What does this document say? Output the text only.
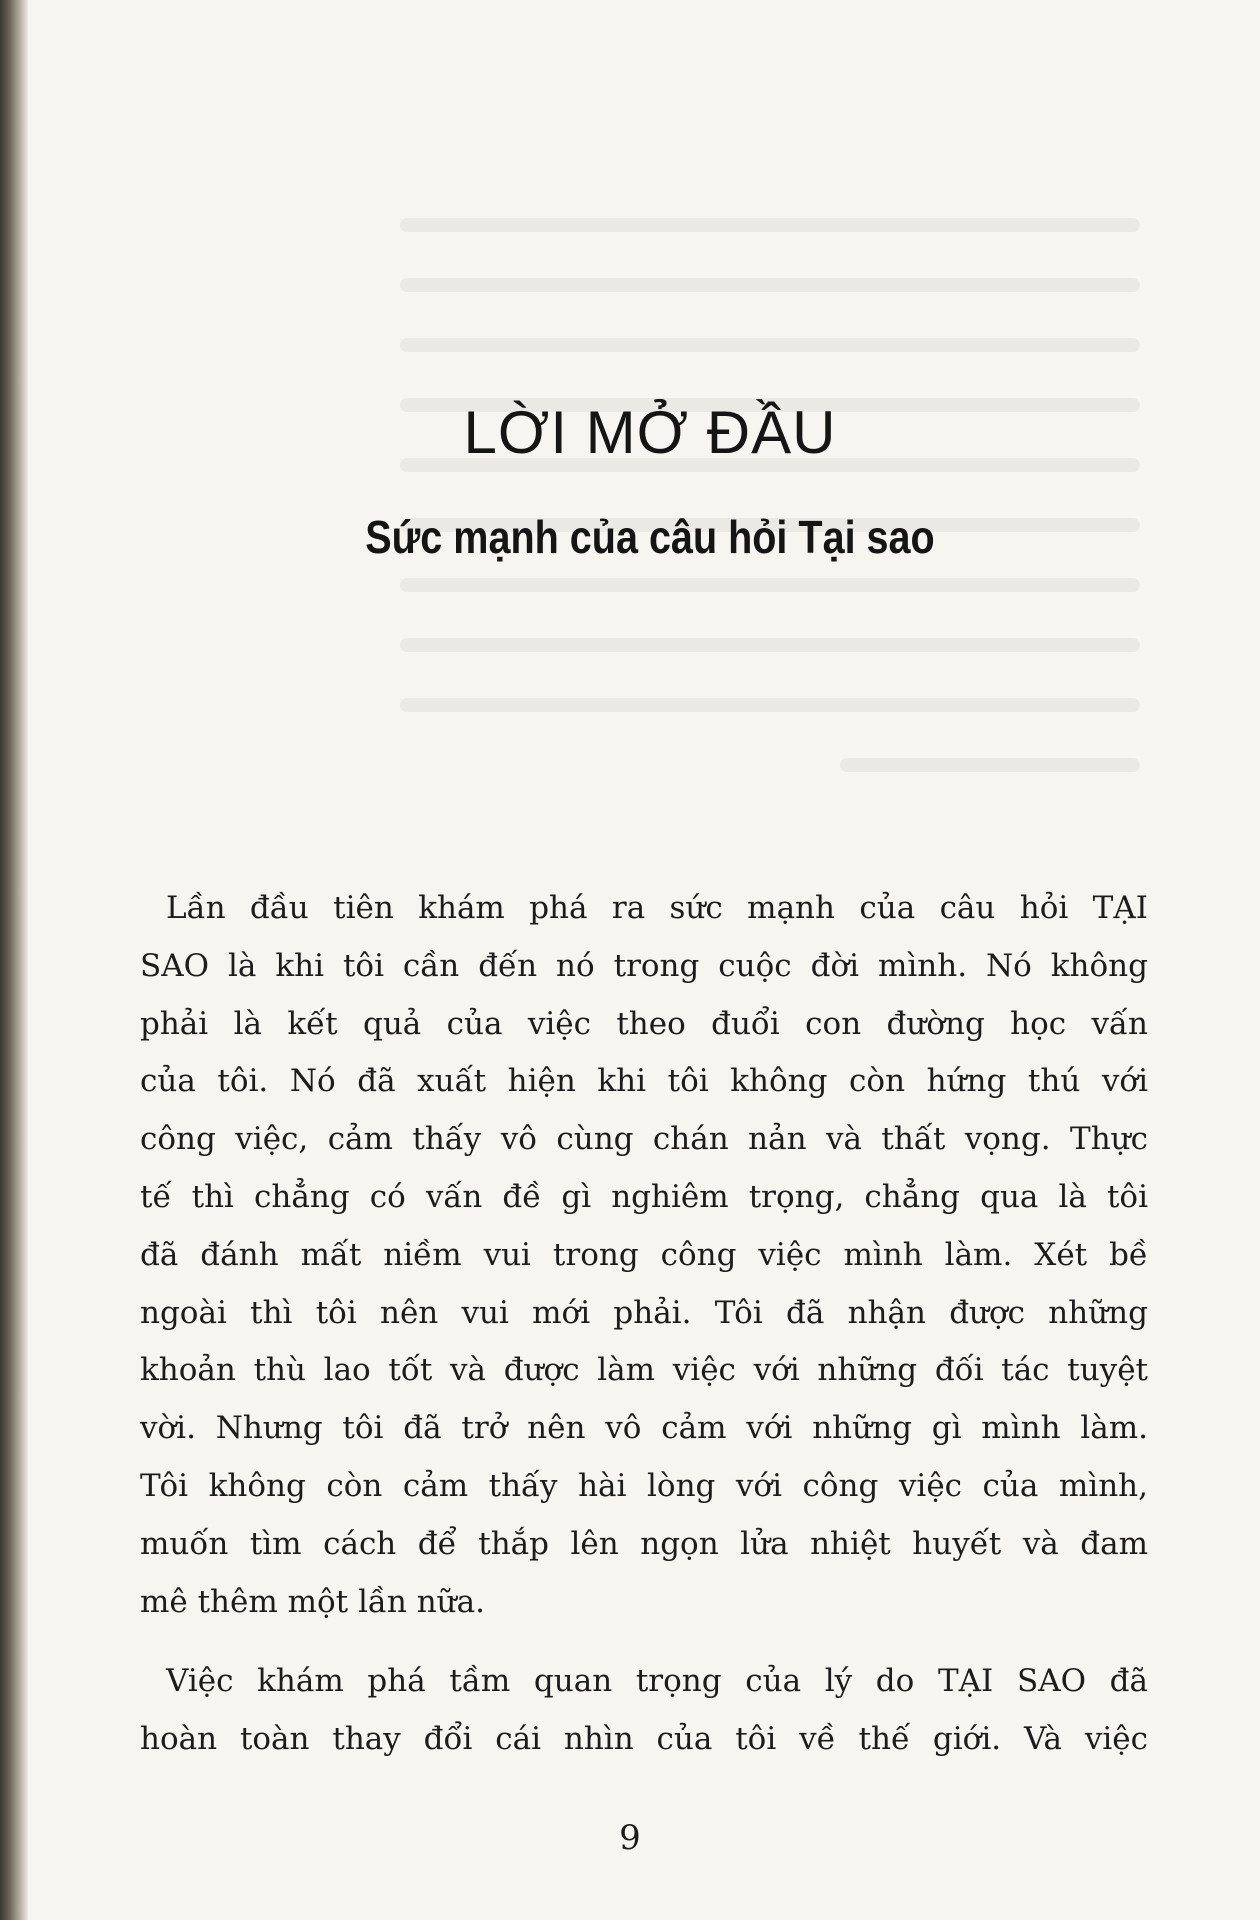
LỜI MỞ ĐẦU
Sức mạnh của câu hỏi Tại sao
Lần đầu tiên khám phá ra sức mạnh của câu hỏi TẠI
SAO là khi tôi cần đến nó trong cuộc đời mình. Nó không
phải là kết quả của việc theo đuổi con đường học vấn
của tôi. Nó đã xuất hiện khi tôi không còn hứng thú với
công việc, cảm thấy vô cùng chán nản và thất vọng. Thực
tế thì chẳng có vấn đề gì nghiêm trọng, chẳng qua là tôi
đã đánh mất niềm vui trong công việc mình làm. Xét bề
ngoài thì tôi nên vui mới phải. Tôi đã nhận được những
khoản thù lao tốt và được làm việc với những đối tác tuyệt
vời. Nhưng tôi đã trở nên vô cảm với những gì mình làm.
Tôi không còn cảm thấy hài lòng với công việc của mình,
muốn tìm cách để thắp lên ngọn lửa nhiệt huyết và đam
mê thêm một lần nữa.
Việc khám phá tầm quan trọng của lý do TẠI SAO đã
hoàn toàn thay đổi cái nhìn của tôi về thế giới. Và việc
9
